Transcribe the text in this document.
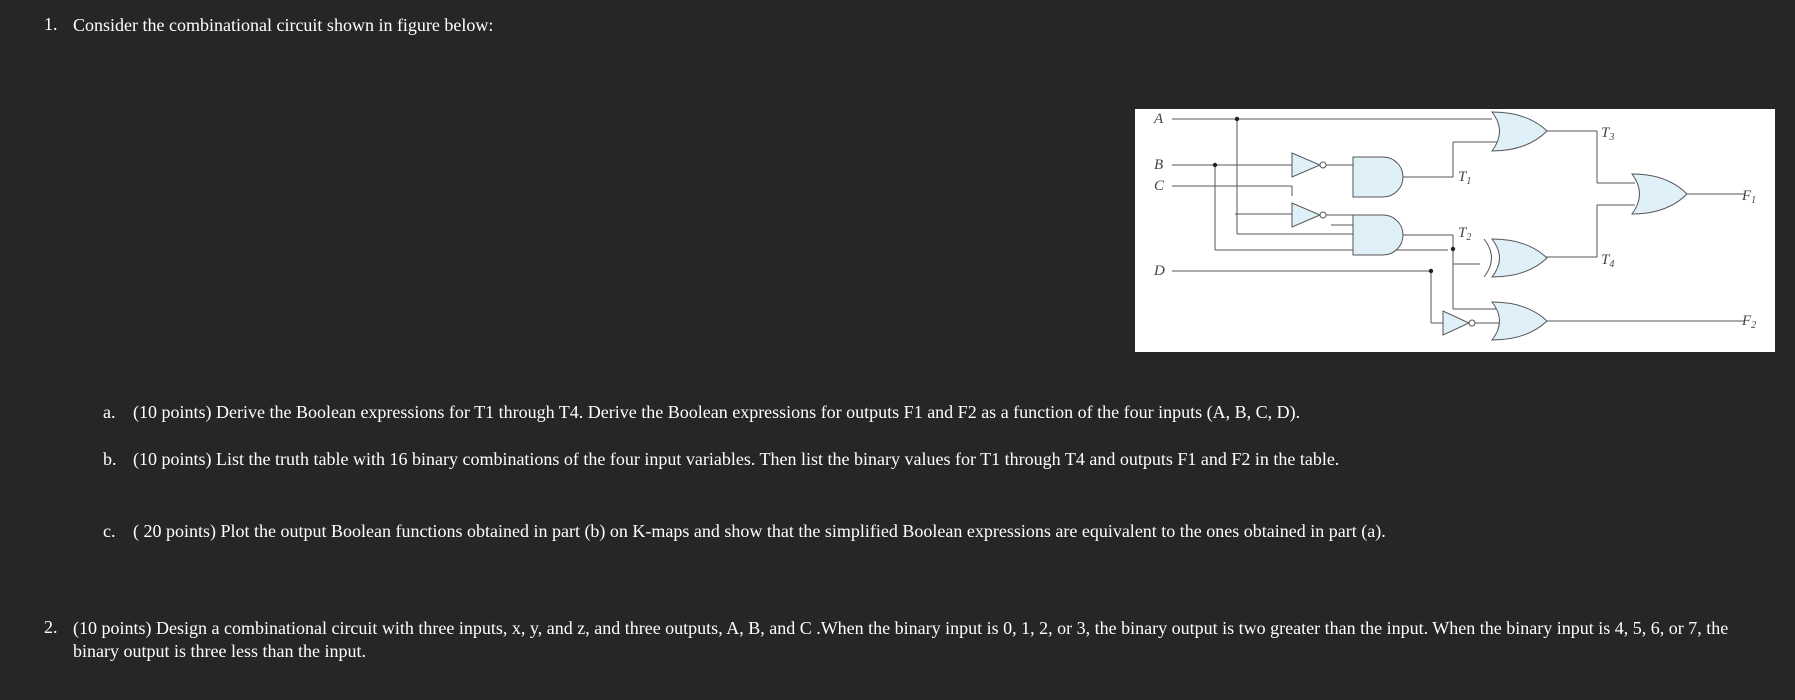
1. Consider the combinational circuit shown in figure below:
A
B
C
D
$T_1$
$T_2$
$T_3$
$T_4$
$F_1$
$F_2$
a. (10 points) Derive the Boolean expressions for T1 through T4. Derive the Boolean expressions for outputs F1 and F2 as a function of the four inputs (A, B, C, D).
b. (10 points) List the truth table with 16 binary combinations of the four input variables. Then list the binary values for T1 through T4 and outputs F1 and F2 in the table.
c. ( 20 points) Plot the output Boolean functions obtained in part (b) on K-maps and show that the simplified Boolean expressions are equivalent to the ones obtained in part (a).
2. (10 points) Design a combinational circuit with three inputs, x, y, and z, and three outputs, A, B, and C .When the binary input is 0, 1, 2, or 3, the binary output is two greater than the input. When the binary input is 4, 5, 6, or 7, the binary output is three less than the input.
